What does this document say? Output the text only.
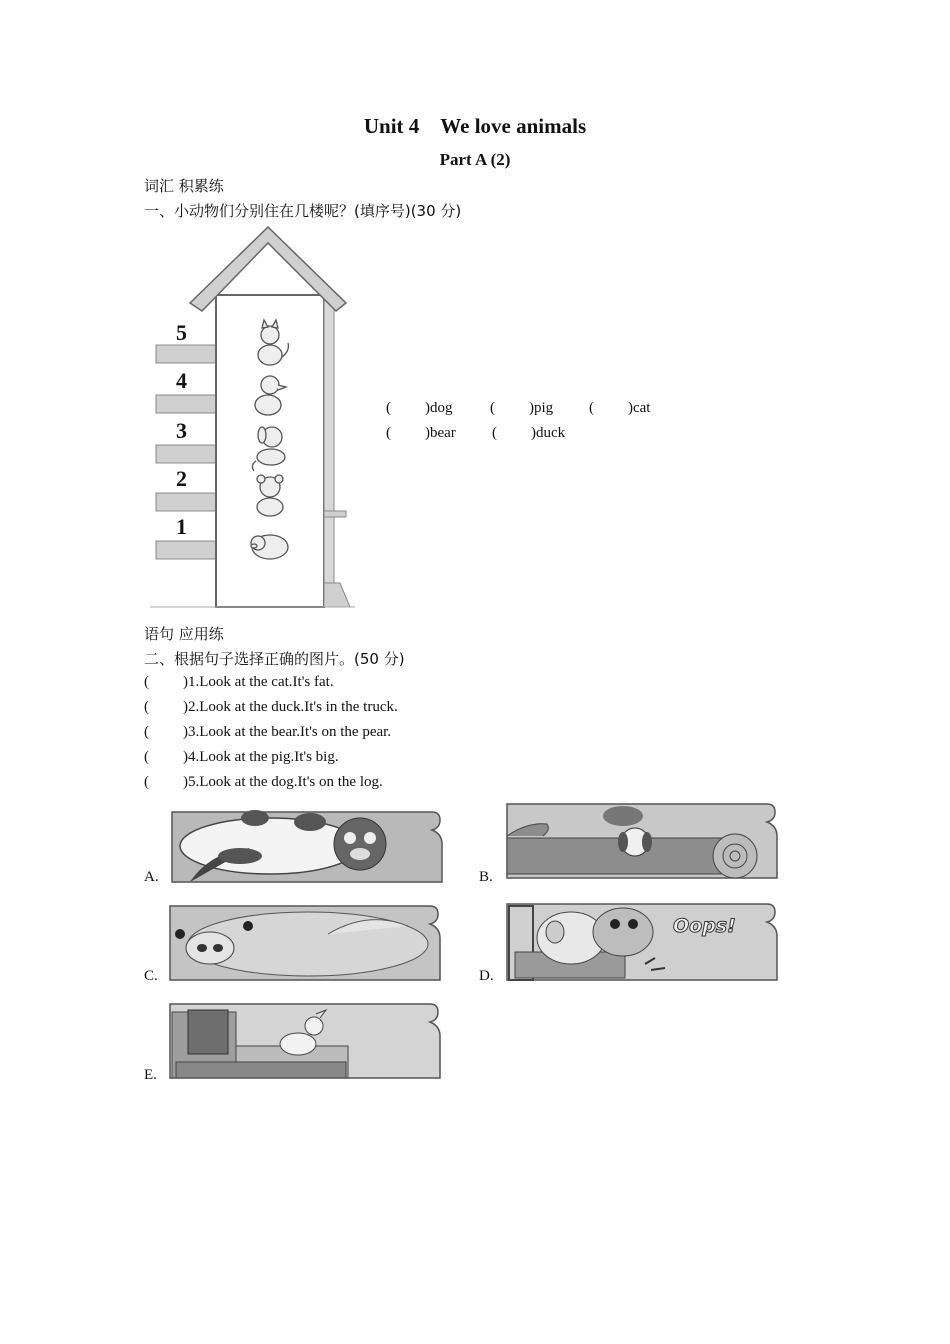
Unit 4　We love animals
Part A (2)
词汇 积累练
一、小动物们分别住在几楼呢？(填序号)(30 分)
5
4
3
2
1
( )dog	( )pig ( )cat
( )bear ( )duck
语句 应用练
二、根据句子选择正确的图片。(50 分)
( )1.Look at the cat.It's fat.
( )2.Look at the duck.It's in the truck.
( )3.Look at the bear.It's on the pear.
( )4.Look at the pig.It's big.
( )5.Look at the dog.It's on the log.
A.	B.
C.	D.
Oops!
E.
